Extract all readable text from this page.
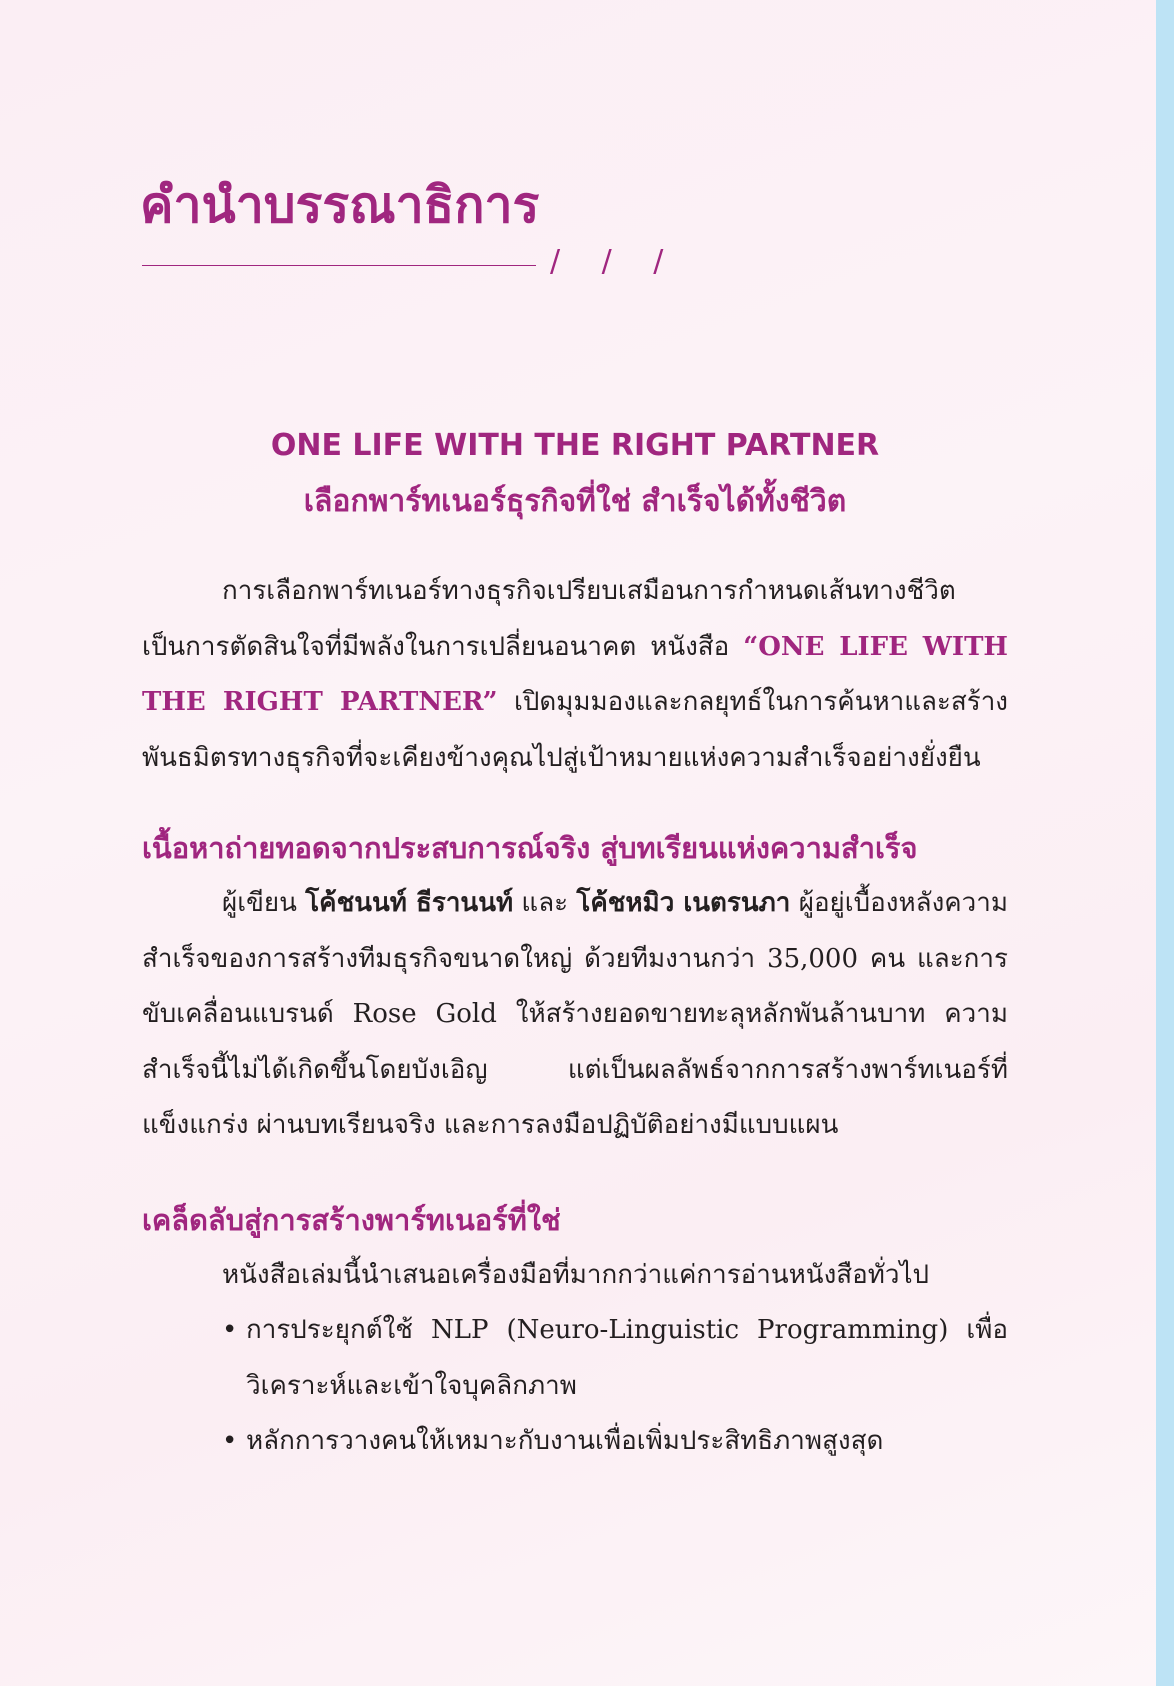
คำนำบรรณาธิการ
/ / /
ONE LIFE WITH THE RIGHT PARTNER
เลือกพาร์ทเนอร์ธุรกิจที่ใช่ สำเร็จได้ทั้งชีวิต

การเลือกพาร์ทเนอร์ทางธุรกิจเปรียบเสมือนการกำหนดเส้นทางชีวิต เป็นการตัดสินใจที่มีพลังในการเปลี่ยนอนาคต หนังสือ “ONE LIFE WITH THE RIGHT PARTNER” เปิดมุมมองและกลยุทธ์ในการค้นหาและสร้างพันธมิตรทางธุรกิจที่จะเคียงข้างคุณไปสู่เป้าหมายแห่งความสำเร็จอย่างยั่งยืน

เนื้อหาถ่ายทอดจากประสบการณ์จริง สู่บทเรียนแห่งความสำเร็จ

ผู้เขียน โค้ชนนท์ ธีรานนท์ และ โค้ชหมิว เนตรนภา ผู้อยู่เบื้องหลังความสำเร็จของการสร้างทีมธุรกิจขนาดใหญ่ ด้วยทีมงานกว่า 35,000 คน และการขับเคลื่อนแบรนด์ Rose Gold ให้สร้างยอดขายทะลุหลักพันล้านบาท ความสำเร็จนี้ไม่ได้เกิดขึ้นโดยบังเอิญ แต่เป็นผลลัพธ์จากการสร้างพาร์ทเนอร์ที่แข็งแกร่ง ผ่านบทเรียนจริง และการลงมือปฏิบัติอย่างมีแบบแผน

เคล็ดลับสู่การสร้างพาร์ทเนอร์ที่ใช่

หนังสือเล่มนี้นำเสนอเครื่องมือที่มากกว่าแค่การอ่านหนังสือทั่วไป

• การประยุกต์ใช้ NLP (Neuro-Linguistic Programming) เพื่อวิเคราะห์และเข้าใจบุคลิกภาพ
• หลักการวางคนให้เหมาะกับงานเพื่อเพิ่มประสิทธิภาพสูงสุด
